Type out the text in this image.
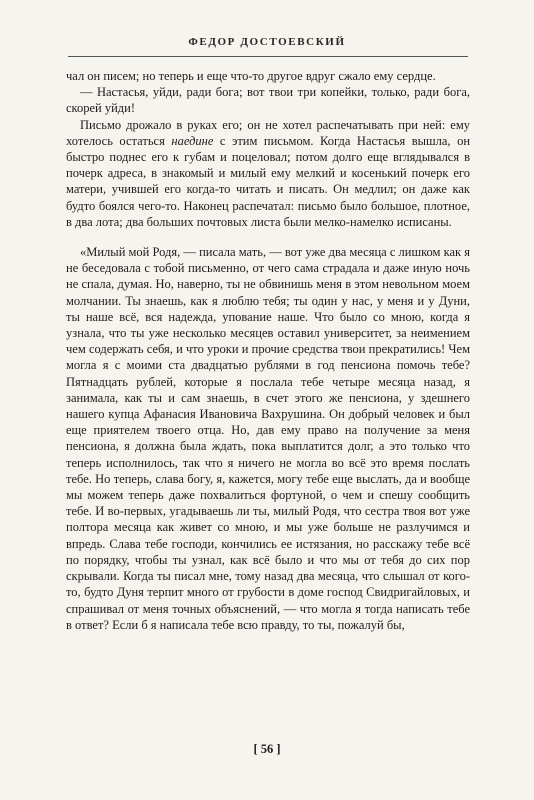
ФЕДОР ДОСТОЕВСКИЙ

чал он писем; но теперь и еще что-то другое вдруг сжало ему сердце.

— Настасья, уйди, ради бога; вот твои три копейки, только, ради бога, скорей уйди!

Письмо дрожало в руках его; он не хотел распечатывать при ней: ему хотелось остаться наедине с этим письмом. Когда Настасья вышла, он быстро поднес его к губам и поцеловал; потом долго еще вглядывался в почерк адреса, в знакомый и милый ему мелкий и косенький почерк его матери, учившей его когда-то читать и писать. Он медлил; он даже как будто боялся чего-то. Наконец распечатал: письмо было большое, плотное, в два лота; два больших почтовых листа были мелко-намелко исписаны.

«Милый мой Родя, — писала мать, — вот уже два месяца с лишком как я не беседовала с тобой письменно, от чего сама страдала и даже иную ночь не спала, думая. Но, наверно, ты не обвинишь меня в этом невольном моем молчании. Ты знаешь, как я люблю тебя; ты один у нас, у меня и у Дуни, ты наше всё, вся надежда, упование наше. Что было со мною, когда я узнала, что ты уже несколько месяцев оставил университет, за неимением чем содержать себя, и что уроки и прочие средства твои прекратились! Чем могла я с моими ста двадцатью рублями в год пенсиона помочь тебе? Пятнадцать рублей, которые я послала тебе четыре месяца назад, я занимала, как ты и сам знаешь, в счет этого же пенсиона, у здешнего нашего купца Афанасия Ивановича Вахрушина. Он добрый человек и был еще приятелем твоего отца. Но, дав ему право на получение за меня пенсиона, я должна была ждать, пока выплатится долг, а это только что теперь исполнилось, так что я ничего не могла во всё это время послать тебе. Но теперь, слава богу, я, кажется, могу тебе еще выслать, да и вообще мы можем теперь даже похвалиться фортуной, о чем и спешу сообщить тебе. И во-первых, угадываешь ли ты, милый Родя, что сестра твоя вот уже полтора месяца как живет со мною, и мы уже больше не разлучимся и впредь. Слава тебе господи, кончились ее истязания, но расскажу тебе всё по порядку, чтобы ты узнал, как всё было и что мы от тебя до сих пор скрывали. Когда ты писал мне, тому назад два месяца, что слышал от кого-то, будто Дуня терпит много от грубости в доме господ Свидригайловых, и спрашивал от меня точных объяснений, — что могла я тогда написать тебе в ответ? Если б я написала тебе всю правду, то ты, пожалуй бы,

[ 56 ]
